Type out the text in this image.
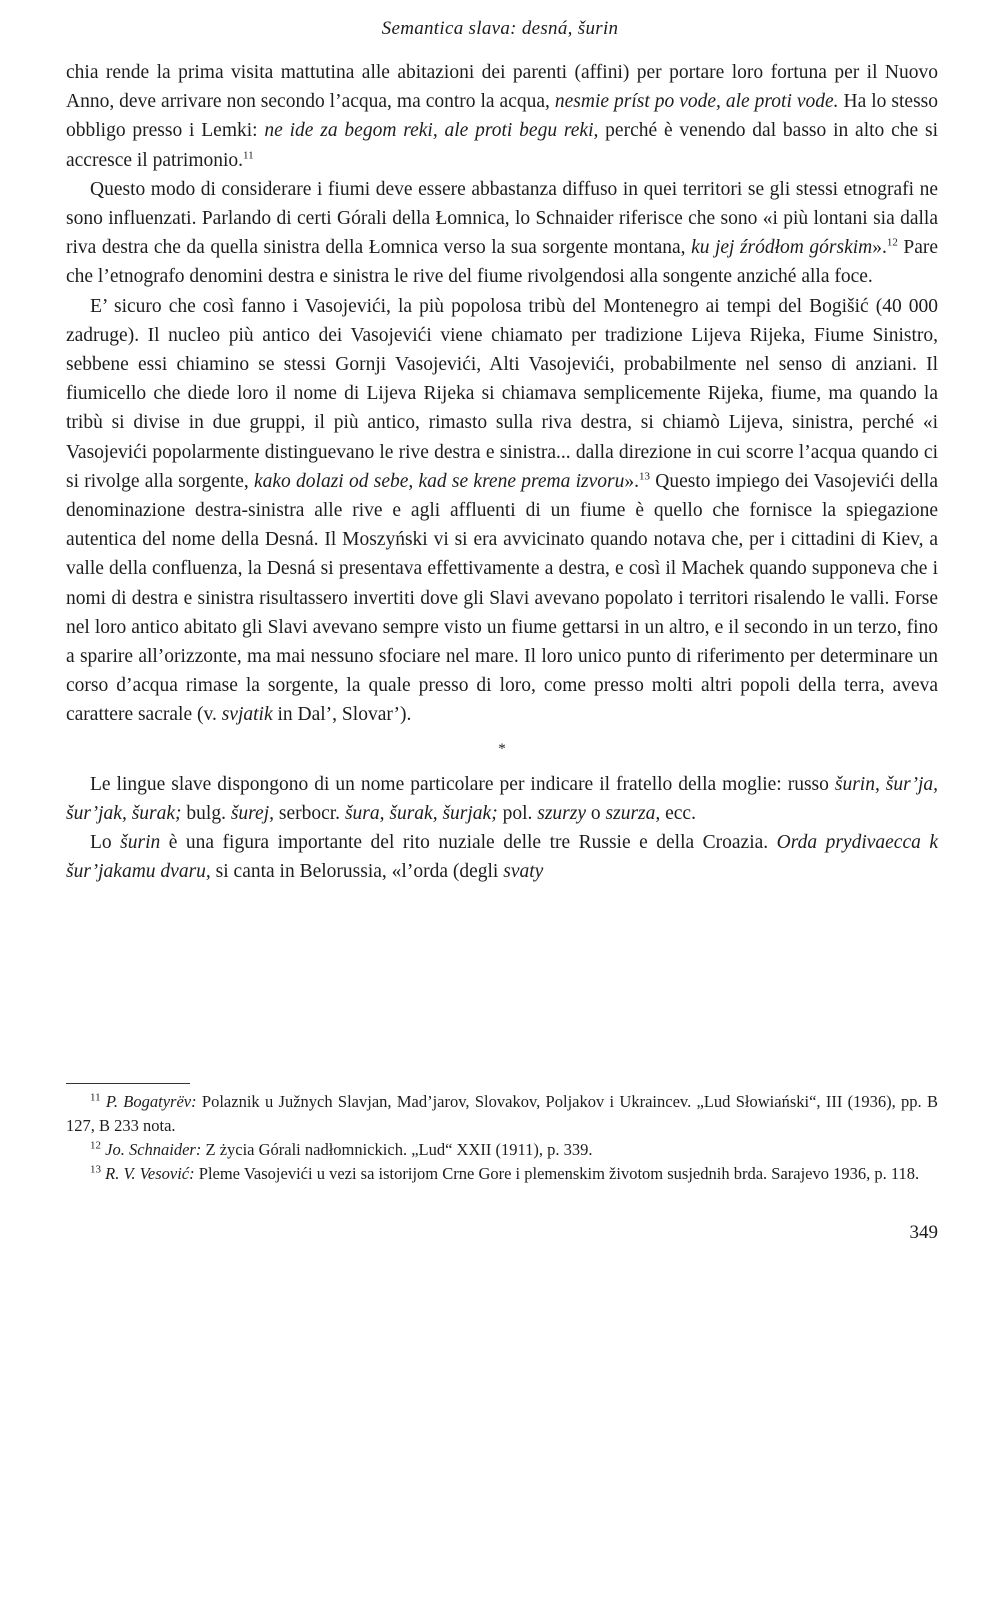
Semantica slava: desná, šurin

chia rende la prima visita mattutina alle abitazioni dei parenti (affini) per portare loro fortuna per il Nuovo Anno, deve arrivare non secondo l’acqua, ma contro la acqua, nesmie príst po vode, ale proti vode. Ha lo stesso obbligo presso i Lemki: ne ide za begom reki, ale proti begu reki, perché è venendo dal basso in alto che si accresce il patrimonio.$^{11}$

Questo modo di considerare i fiumi deve essere abbastanza diffuso in quei territori se gli stessi etnografi ne sono influenzati. Parlando di certi Górali della Łomnica, lo Schnaider riferisce che sono «i più lontani sia dalla riva destra che da quella sinistra della Łomnica verso la sua sorgente montana, ku jej źródłom górskim».$^{12}$ Pare che l’etnografo denomini destra e sinistra le rive del fiume rivolgendosi alla songente anziché alla foce.

E’ sicuro che così fanno i Vasojevići, la più popolosa tribù del Montenegro ai tempi del Bogišić (40 000 zadruge). Il nucleo più antico dei Vasojevići viene chiamato per tradizione Lijeva Rijeka, Fiume Sinistro, sebbene essi chiamino se stessi Gornji Vasojevići, Alti Vasojevići, probabilmente nel senso di anziani. Il fiumicello che diede loro il nome di Lijeva Rijeka si chiamava semplicemente Rijeka, fiume, ma quando la tribù si divise in due gruppi, il più antico, rimasto sulla riva destra, si chiamò Lijeva, sinistra, perché «i Vasojevići popolarmente distinguevano le rive destra e sinistra... dalla direzione in cui scorre l’acqua quando ci si rivolge alla sorgente, kako dolazi od sebe, kad se krene prema izvoru».$^{13}$ Questo impiego dei Vasojevići della denominazione destra-sinistra alle rive e agli affluenti di un fiume è quello che fornisce la spiegazione autentica del nome della Desná. Il Moszyński vi si era avvicinato quando notava che, per i cittadini di Kiev, a valle della confluenza, la Desná si presentava effettivamente a destra, e così il Machek quando supponeva che i nomi di destra e sinistra risultassero invertiti dove gli Slavi avevano popolato i territori risalendo le valli. Forse nel loro antico abitato gli Slavi avevano sempre visto un fiume gettarsi in un altro, e il secondo in un terzo, fino a sparire all’orizzonte, ma mai nessuno sfociare nel mare. Il loro unico punto di riferimento per determinare un corso d’acqua rimase la sorgente, la quale presso di loro, come presso molti altri popoli della terra, aveva carattere sacrale (v. svjatik in Dal’, Slovar’).

*

Le lingue slave dispongono di un nome particolare per indicare il fratello della moglie: russo šurin, šur’ja, šur’jak, šurak; bulg. šurej, serbocr. šura, šurak, šurjak; pol. szurzy o szurza, ecc.

Lo šurin è una figura importante del rito nuziale delle tre Russie e della Croazia. Orda prydivaecca k šur’jakamu dvaru, si canta in Belorussia, «l’orda (degli svaty

$^{11}$ P. Bogatyrëv: Polaznik u Južnych Slavjan, Mad’jarov, Slovakov, Poljakov i Ukraincev. „Lud Słowiański“, III (1936), pp. B 127, B 233 nota.

$^{12}$ Jo. Schnaider: Z życia Górali nadłomnickich. „Lud“ XXII (1911), p. 339.

$^{13}$ R. V. Vesović: Pleme Vasojevići u vezi sa istorijom Crne Gore i plemenskim životom susjednih brda. Sarajevo 1936, p. 118.

349
